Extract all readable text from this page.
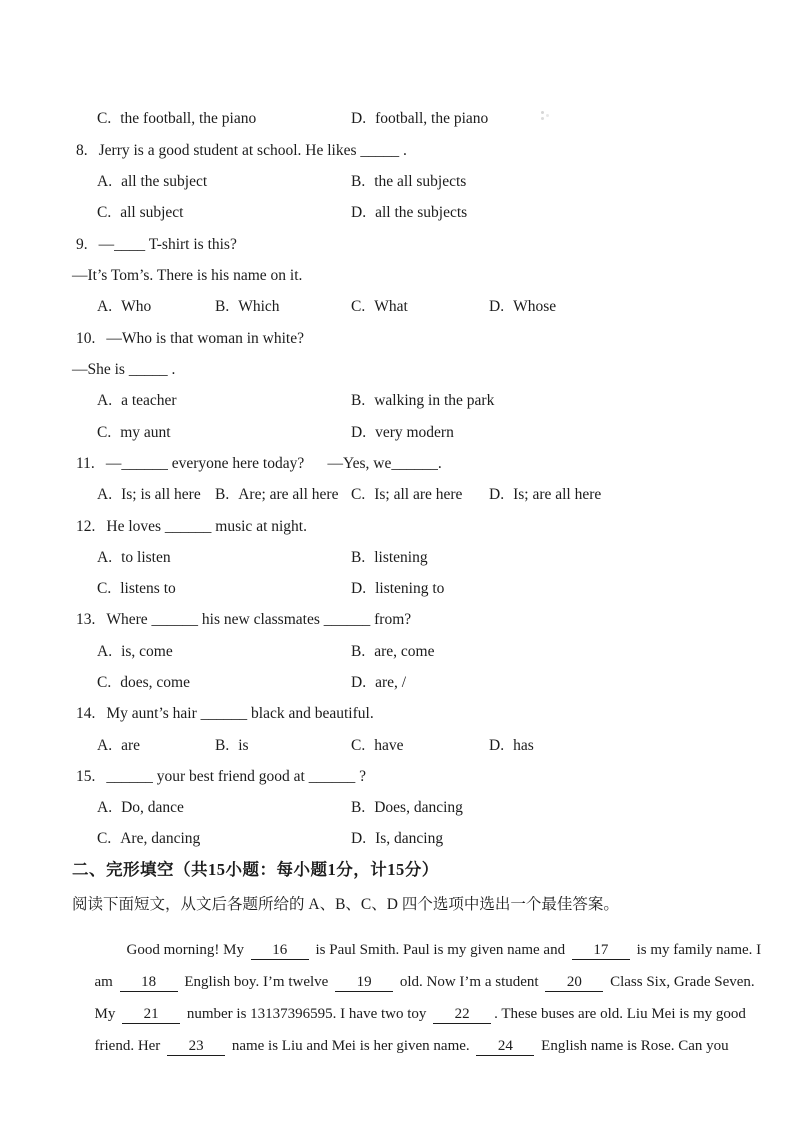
C. the football, the piano	D. football, the piano
8. Jerry is a good student at school. He likes _____ .
A. all the subject	B. the all subjects
C. all subject	D. all the subjects
9. —____ T-shirt is this?
—It’s Tom’s. There is his name on it.
A. Who	B. Which	C. What	D. Whose
10. —Who is that woman in white?
—She is _____ .
A. a teacher	B. walking in the park
C. my aunt	D. very modern
11. —______ everyone here today?      —Yes, we______.
A. Is; is all here B. Are; are all here C. Is; all are here D. Is; are all here
12. He loves ______ music at night.
A. to listen	B. listening
C. listens to	D. listening to
13. Where ______ his new classmates ______ from?
A. is, come	B. are, come
C. does, come	D. are, /
14. My aunt’s hair ______ black and beautiful.
A. are	B. is	C. have	D. has
15. ______ your best friend good at ______ ?
A. Do, dance	B. Does, dancing
C. Are, dancing	D. Is, dancing
二、完形填空（共15小题：每小题1分，计15分）
阅读下面短文，从文后各题所给的 A、B、C、D 四个选项中选出一个最佳答案。

Good morning! My 16 is Paul Smith. Paul is my given name and 17 is my family name. I

am 18 English boy. I’m twelve 19 old. Now I’m a student 20 Class Six, Grade Seven.

My 21 number is 13137396595. I have two toy 22 . These buses are old. Liu Mei is my good

friend. Her 23 name is Liu and Mei is her given name. 24 English name is Rose. Can you
